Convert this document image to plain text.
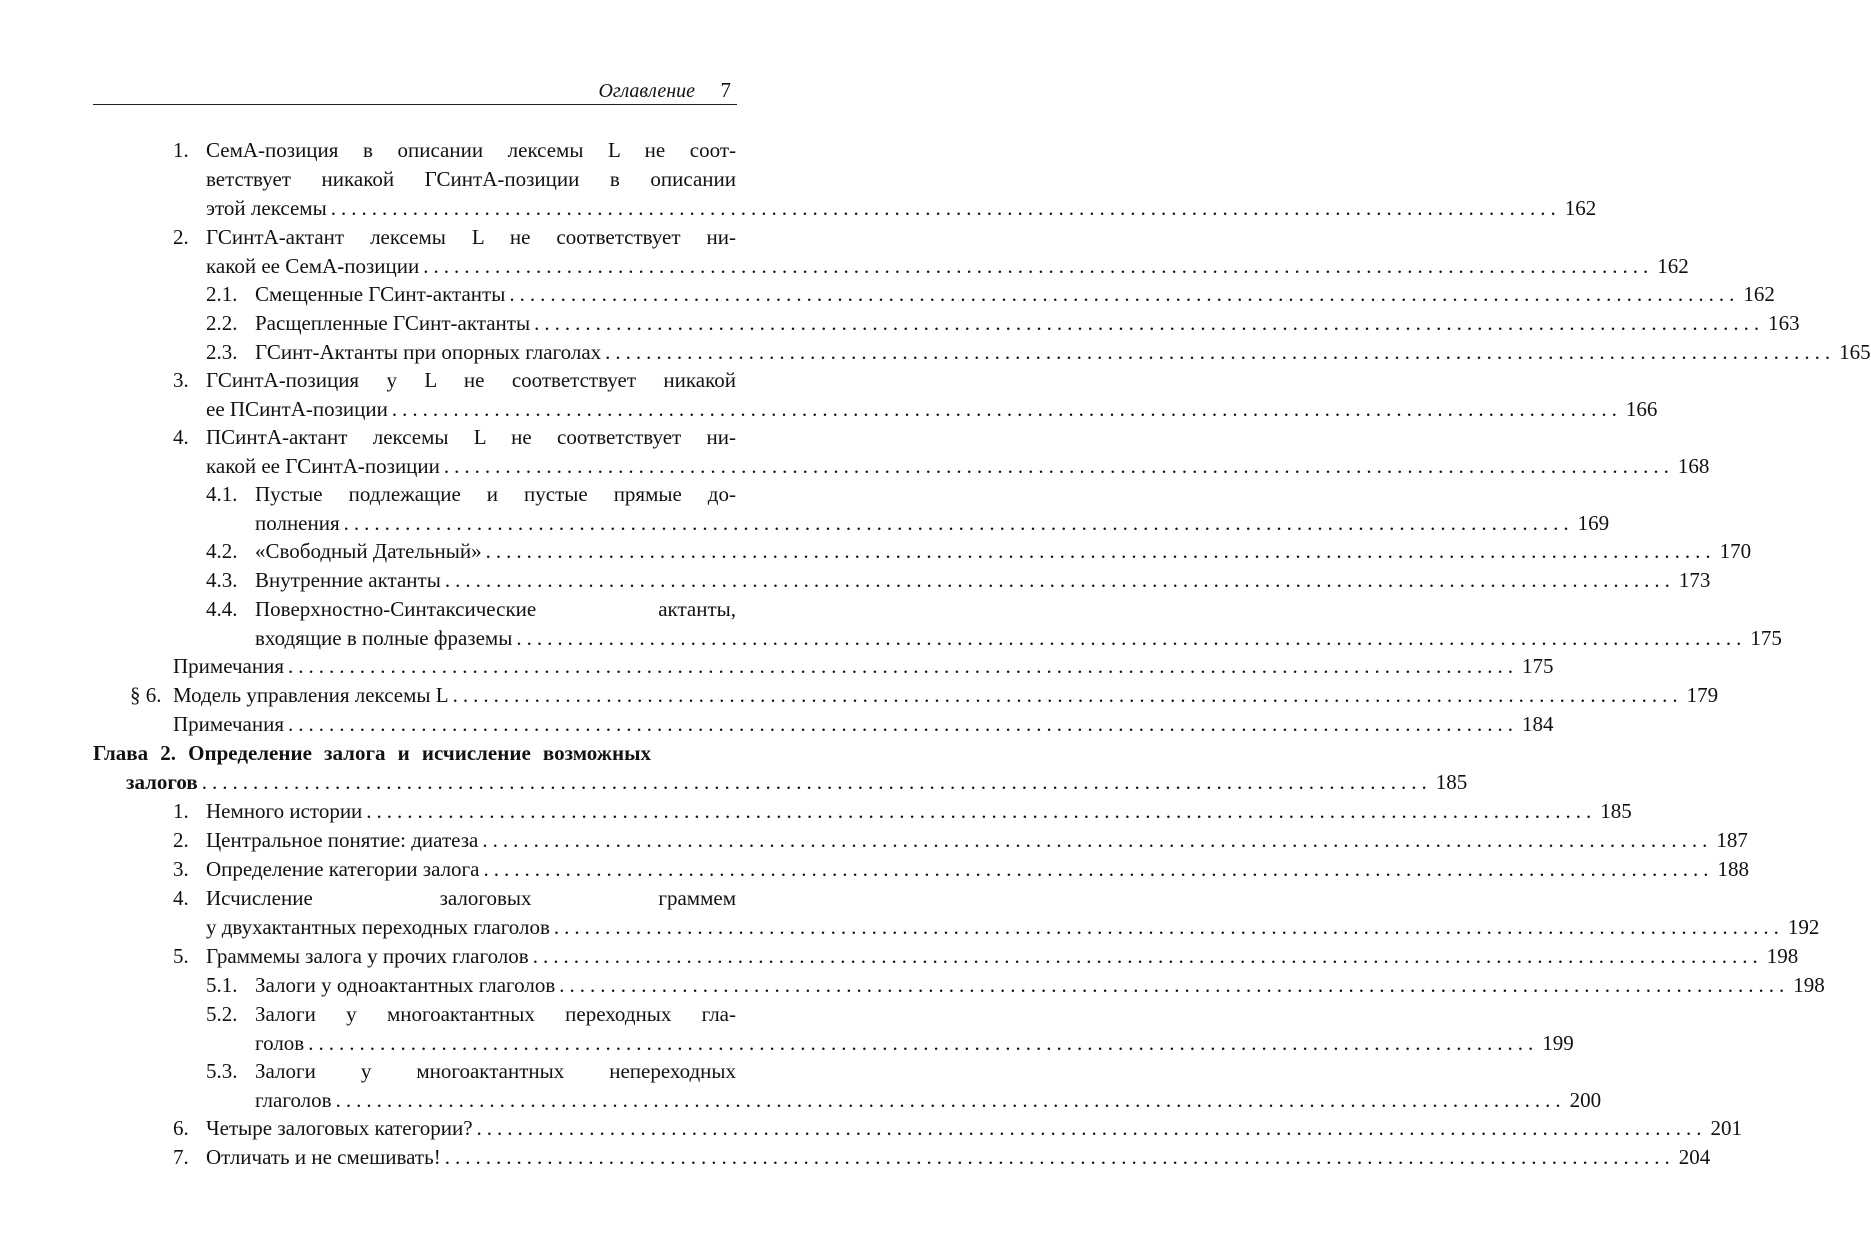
Оглавление 7
1. СемА-позиция в описании лексемы L не соот-
ветствует никакой ГСинтА-позиции в описании
этой лексемы ........................................................................................................................ 162
2. ГСинтА-актант лексемы L не соответствует ни-
какой ее СемА-позиции ........................................................................................................................ 162
2.1. Смещенные ГСинт-актанты ........................................................................................................................ 162
2.2. Расщепленные ГСинт-актанты ........................................................................................................................ 163
2.3. ГСинт-Актанты при опорных глаголах ........................................................................................................................ 165
3. ГСинтА-позиция у L не соответствует никакой
ее ПСинтА-позиции ........................................................................................................................ 166
4. ПСинтА-актант лексемы L не соответствует ни-
какой ее ГСинтА-позиции ........................................................................................................................ 168
4.1. Пустые подлежащие и пустые прямые до-
полнения ........................................................................................................................ 169
4.2. «Свободный Дательный» ........................................................................................................................ 170
4.3. Внутренние актанты ........................................................................................................................ 173
4.4. Поверхностно-Синтаксические актанты,
входящие в полные фраземы ........................................................................................................................ 175
Примечания ........................................................................................................................ 175
§ 6. Модель управления лексемы L ........................................................................................................................ 179
Примечания ........................................................................................................................ 184
Глава 2. Определение залога и исчисление возможных
залогов ........................................................................................................................ 185
1. Немного истории ........................................................................................................................ 185
2. Центральное понятие: диатеза ........................................................................................................................ 187
3. Определение категории залога ........................................................................................................................ 188
4. Исчисление залоговых граммем
у двухактантных переходных глаголов ........................................................................................................................ 192
5. Граммемы залога у прочих глаголов ........................................................................................................................ 198
5.1. Залоги у одноактантных глаголов ........................................................................................................................ 198
5.2. Залоги у многоактантных переходных гла-
голов ........................................................................................................................ 199
5.3. Залоги у многоактантных непереходных
глаголов ........................................................................................................................ 200
6. Четыре залоговых категории? ........................................................................................................................ 201
7. Отличать и не смешивать! ........................................................................................................................ 204
